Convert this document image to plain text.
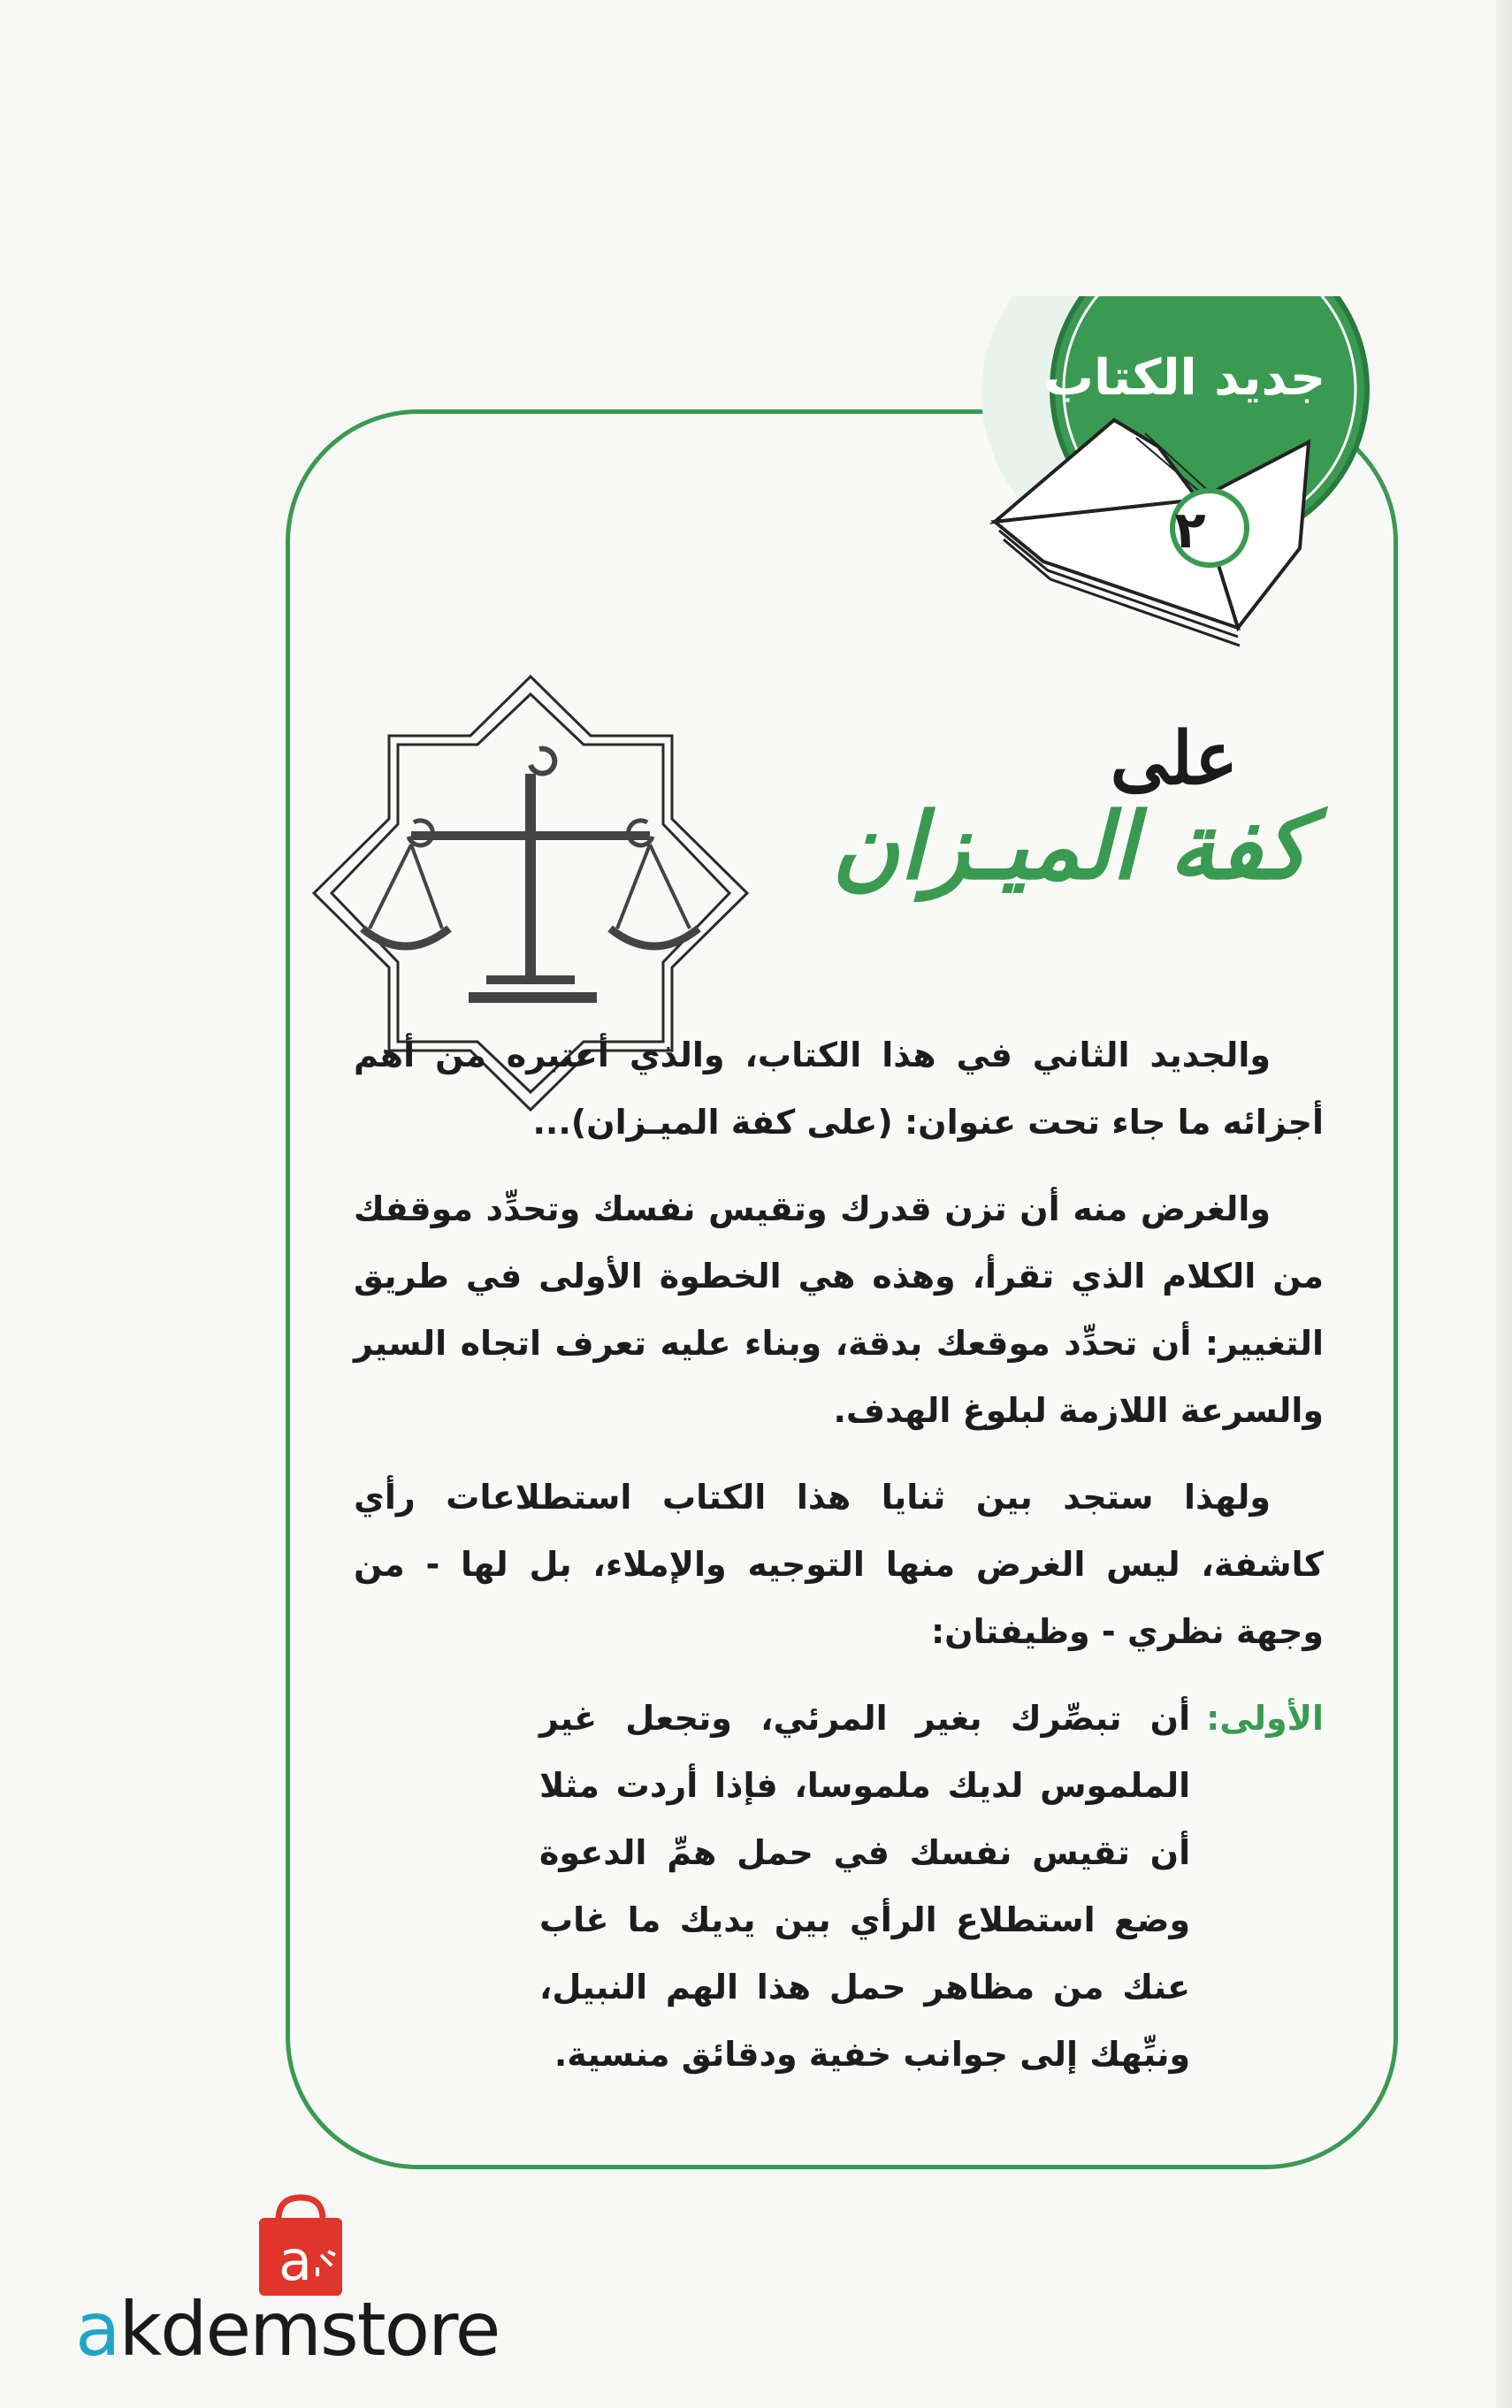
جديد الكتاب
٢
على
كفة الميـزان

والجديد الثاني في هذا الكتاب، والذي أعتبره من أهم أجزائه ما جاء تحت عنوان: (على كفة الميـزان)...

والغرض منه أن تزن قدرك وتقيس نفسك وتحدِّد موقفك من الكلام الذي تقرأ، وهذه هي الخطوة الأولى في طريق التغيير: أن تحدِّد موقعك بدقة، وبناء عليه تعرف اتجاه السير والسرعة اللازمة لبلوغ الهدف.

ولهذا ستجد بين ثنايا هذا الكتاب استطلاعات رأي كاشفة، ليس الغرض منها التوجيه والإملاء، بل لها - من وجهة نظري - وظيفتان:

الأولى:
أن تبصِّرك بغير المرئي، وتجعل غير الملموس لديك ملموسا، فإذا أردت مثلا أن تقيس نفسك في حمل همِّ الدعوة وضع استطلاع الرأي بين يديك ما غاب عنك من مظاهر حمل هذا الهم النبيل، ونبِّهك إلى جوانب خفية ودقائق منسية.

a
akdemstore
